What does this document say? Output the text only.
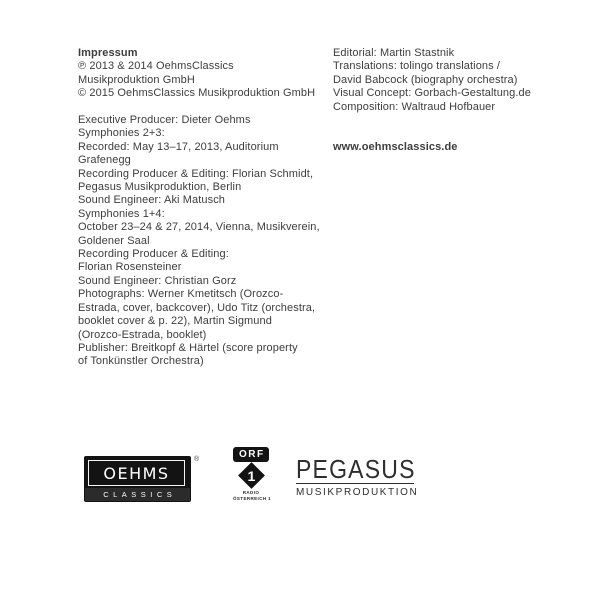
Impressum
℗ 2013 & 2014 OehmsClassics
Musikproduktion GmbH
© 2015 OehmsClassics Musikproduktion GmbH
Executive Producer: Dieter Oehms
Symphonies 2+3:
Recorded: May 13–17, 2013, Auditorium
Grafenegg
Recording Producer & Editing: Florian Schmidt,
Pegasus Musikproduktion, Berlin
Sound Engineer: Aki Matusch
Symphonies 1+4:
October 23–24 & 27, 2014, Vienna, Musikverein,
Goldener Saal
Recording Producer & Editing:
Florian Rosensteiner
Sound Engineer: Christian Gorz
Photographs: Werner Kmetitsch (Orozco-
Estrada, cover, backcover), Udo Titz (orchestra,
booklet cover & p. 22), Martin Sigmund
(Orozco-Estrada, booklet)
Publisher: Breitkopf & Härtel (score property
of Tonkünstler Orchestra)
Editorial: Martin Stastnik
Translations: tolingo translations /
David Babcock (biography orchestra)
Visual Concept: Gorbach-Gestaltung.de
Composition: Waltraud Hofbauer
www.oehmsclassics.de
OEHMS
CLASSICS
®	ORF
1
RADIO
ÖSTERREICH 1
PEGASUS
MUSIKPRODUKTION
